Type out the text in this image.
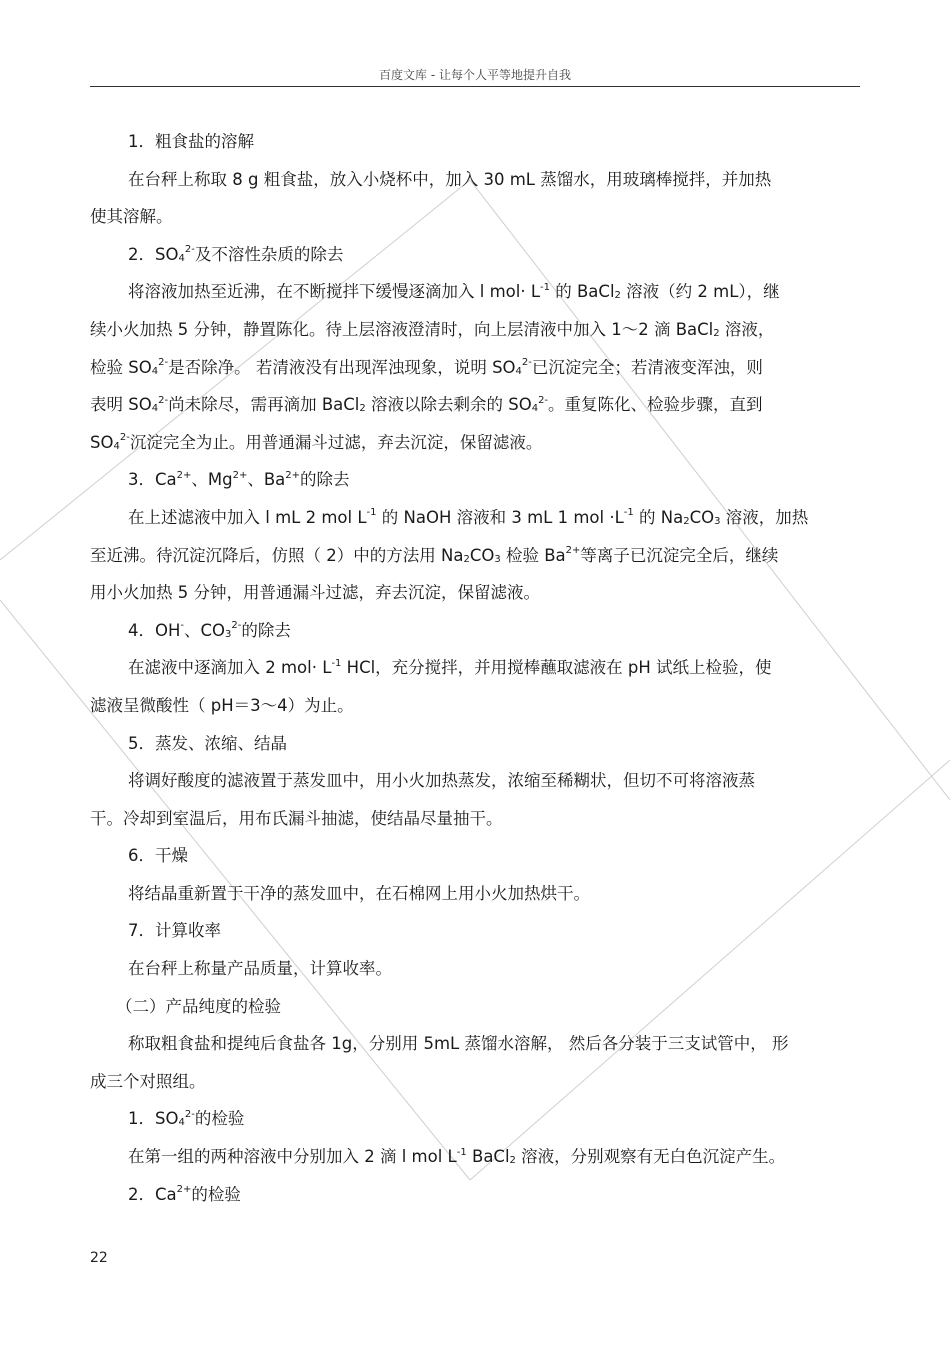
百度文库 - 让每个人平等地提升自我
1．粗食盐的溶解
在台秤上称取 8 g 粗食盐，放入小烧杯中，加入 30 mL 蒸馏水，用玻璃棒搅拌，并加热
使其溶解。
2．$SO_4^{2-}$及不溶性杂质的除去
将溶液加热至近沸，在不断搅拌下缓慢逐滴加入 l $mol\cdot L^{-1}$ 的 BaCl$_2$ 溶液（约 2 mL），继
续小火加热 5 分钟，静置陈化。待上层溶液澄清时，向上层清液中加入 1～2 滴 BaCl$_2$ 溶液，
检验 $SO_4^{2-}$是否除净。 若清液没有出现浑浊现象，说明 $SO_4^{2-}$已沉淀完全；若清液变浑浊，则
表明 $SO_4^{2-}$尚未除尽，需再滴加 BaCl$_2$ 溶液以除去剩余的 $SO_4^{2-}$。重复陈化、检验步骤，直到
$SO_4^{2-}$沉淀完全为止。用普通漏斗过滤，弃去沉淀，保留滤液。
3．$Ca^{2+}$、$Mg^{2+}$、$Ba^{2+}$的除去
在上述滤液中加入 l mL 2 mol $L^{-1}$ 的 NaOH 溶液和 3 mL 1 mol $\cdot L^{-1}$ 的 $Na_2CO_3$ 溶液，加热
至近沸。待沉淀沉降后，仿照（ 2）中的方法用 $Na_2CO_3$ 检验 $Ba^{2+}$等离子已沉淀完全后，继续
用小火加热 5 分钟，用普通漏斗过滤，弃去沉淀，保留滤液。
4．OH-、$CO_3^{2-}$的除去
在滤液中逐滴加入 2 $mol\cdot L^{-1}$ HCl，充分搅拌，并用搅棒蘸取滤液在 pH 试纸上检验，使
滤液呈微酸性（ pH＝3～4）为止。
5．蒸发、浓缩、结晶
将调好酸度的滤液置于蒸发皿中，用小火加热蒸发，浓缩至稀糊状，但切不可将溶液蒸
干。冷却到室温后，用布氏漏斗抽滤，使结晶尽量抽干。
6．干燥
将结晶重新置于干净的蒸发皿中，在石棉网上用小火加热烘干。
7．计算收率
在台秤上称量产品质量，计算收率。
（二）产品纯度的检验
称取粗食盐和提纯后食盐各 1g，分别用 5mL 蒸馏水溶解， 然后各分装于三支试管中， 形
成三个对照组。
1．$SO_4^{2-}$的检验
在第一组的两种溶液中分别加入 2 滴 l mol $L^{-1}$ BaCl$_2$ 溶液，分别观察有无白色沉淀产生。
2．$Ca^{2+}$的检验
22
